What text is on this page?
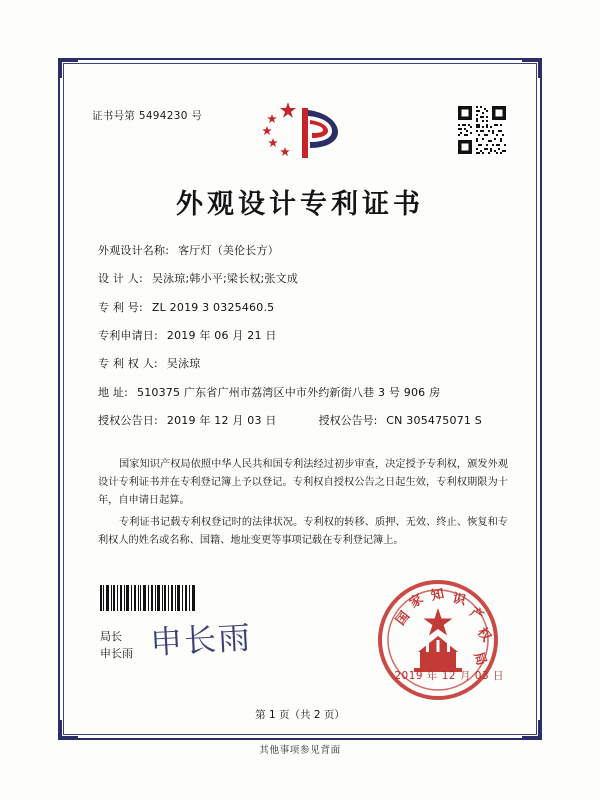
证书号第 5494230 号
外观设计专利证书
外观设计名称: 客厅灯（美伦长方）
设 计 人: 吴泳琼;韩小平;梁长权;张文成
专 利 号: ZL 2019 3 0325460.5
专利申请日: 2019 年 06 月 21 日
专 利 权 人: 吴泳琼
地 址: 510375 广东省广州市荔湾区中市外约新街八巷 3 号 906 房
授权公告日: 2019 年 12 月 03 日	授权公告号: CN 305475071 S
国家知识产权局依照中华人民共和国专利法经过初步审查，决定授予专利权，颁发外观设计专利证书并在专利登记簿上予以登记。专利权自授权公告之日起生效，专利权期限为十年，自申请日起算。
专利证书记载专利权登记时的法律状况。专利权的转移、质押、无效、终止、恢复和专利权人的姓名或名称、国籍、地址变更等事项记载在专利登记簿上。
申长雨
局长
申长雨
国
家 知 识
产
权
局
2019 年 12 月 03 日
第 1 页（共 2 页）
其他事项参见背面
